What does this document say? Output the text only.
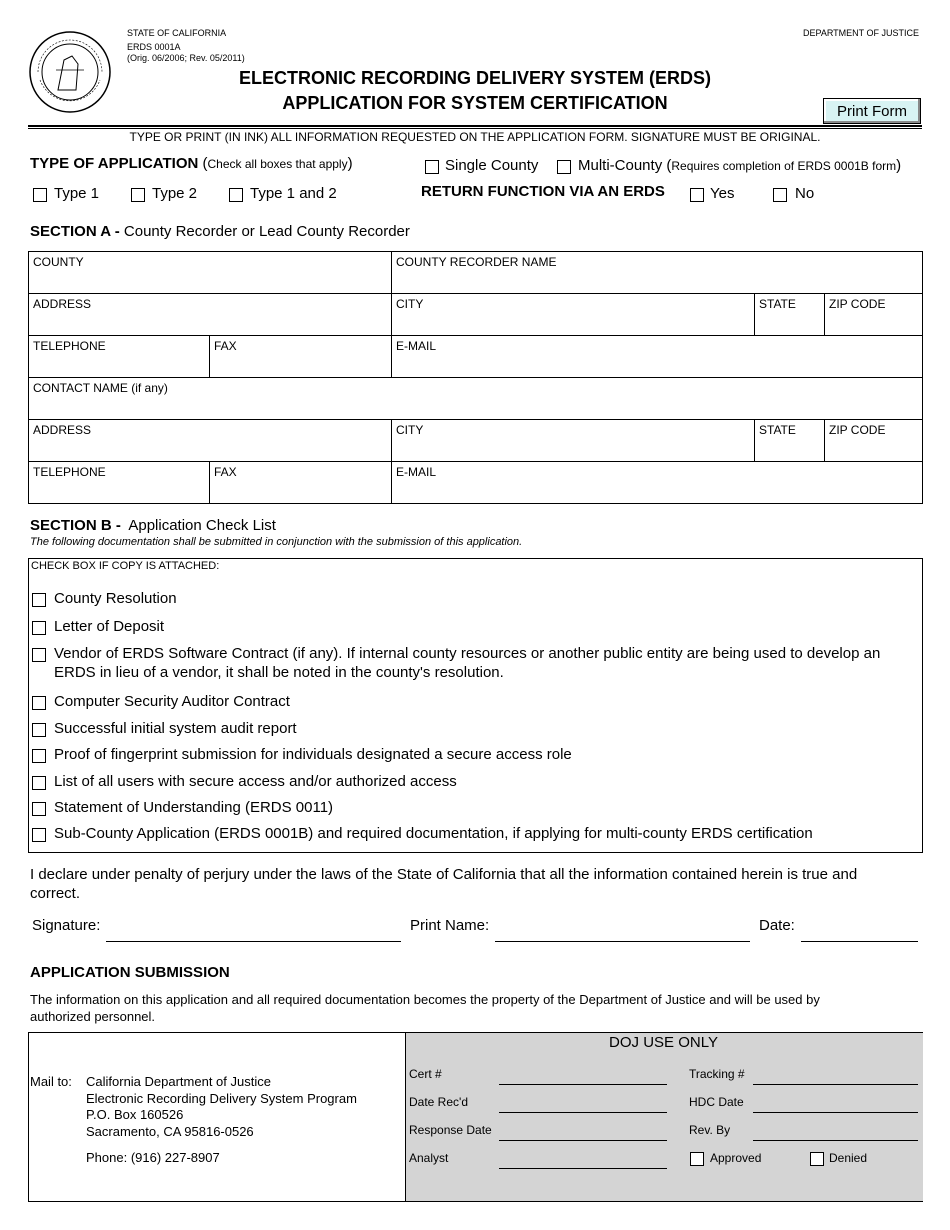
STATE OF CALIFORNIA
ERDS 0001A
(Orig. 06/2006; Rev. 05/2011)
DEPARTMENT OF JUSTICE
ELECTRONIC RECORDING DELIVERY SYSTEM (ERDS)
APPLICATION FOR SYSTEM CERTIFICATION	Print Form
TYPE OR PRINT (IN INK) ALL INFORMATION REQUESTED ON THE APPLICATION FORM. SIGNATURE MUST BE ORIGINAL.
TYPE OF APPLICATION (Check all boxes that apply)	Single County	Multi-County (Requires completion of ERDS 0001B form)
Type 1	Type 2	Type 1 and 2	RETURN FUNCTION VIA AN ERDS	Yes	No
SECTION A - County Recorder or Lead County Recorder
COUNTY	COUNTY RECORDER NAME
ADDRESS	CITY	STATE	ZIP CODE
TELEPHONE	FAX	E-MAIL
CONTACT NAME (if any)
ADDRESS	CITY	STATE	ZIP CODE
TELEPHONE	FAX	E-MAIL
SECTION B - Application Check List
The following documentation shall be submitted in conjunction with the submission of this application.
CHECK BOX IF COPY IS ATTACHED:
County Resolution
Letter of Deposit
Vendor of ERDS Software Contract (if any). If internal county resources or another public entity are being used to develop an
ERDS in lieu of a vendor, it shall be noted in the county's resolution.
Computer Security Auditor Contract
Successful initial system audit report
Proof of fingerprint submission for individuals designated a secure access role
List of all users with secure access and/or authorized access
Statement of Understanding (ERDS 0011)
Sub-County Application (ERDS 0001B) and required documentation, if applying for multi-county ERDS certification
I declare under penalty of perjury under the laws of the State of California that all the information contained herein is true and
correct.
Signature:	Print Name:	Date:
APPLICATION SUBMISSION
The information on this application and all required documentation becomes the property of the Department of Justice and will be used by
authorized personnel.
Mail to: California Department of Justice
Electronic Recording Delivery System Program
P.O. Box 160526
Sacramento, CA 95816-0526
Phone: (916) 227-8907
DOJ USE ONLY
Cert #	Tracking #
Date Rec'd	HDC Date
Response Date	Rev. By
Analyst	Approved	Denied
